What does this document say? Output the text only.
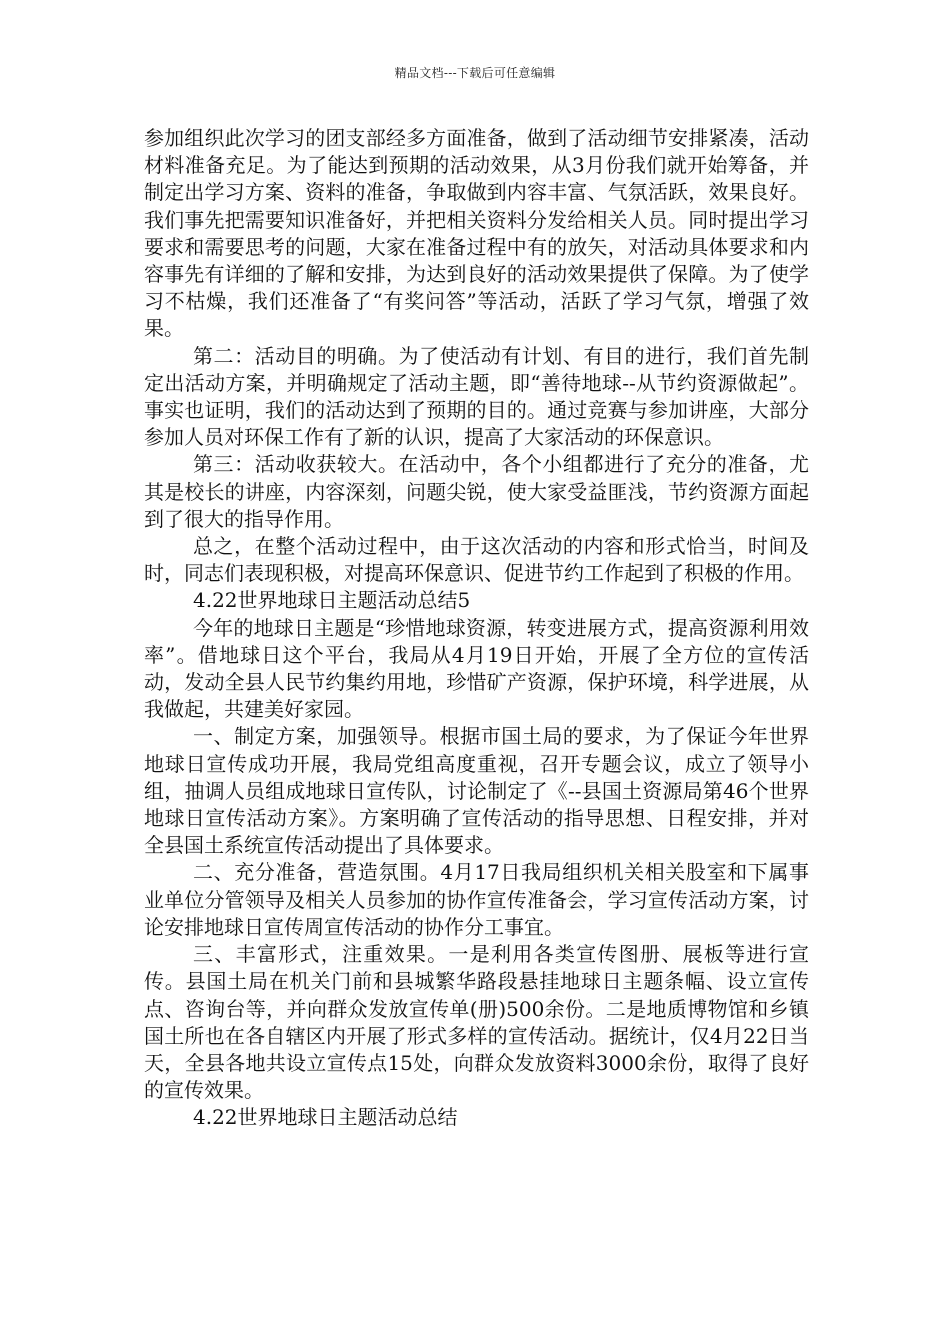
精品文档---下载后可任意编辑

参加组织此次学习的团支部经多方面准备，做到了活动细节安排紧凑，活动材料准备充足。为了能达到预期的活动效果，从3月份我们就开始筹备，并制定出学习方案、资料的准备，争取做到内容丰富、气氛活跃，效果良好。我们事先把需要知识准备好，并把相关资料分发给相关人员。同时提出学习要求和需要思考的问题，大家在准备过程中有的放矢，对活动具体要求和内容事先有详细的了解和安排，为达到良好的活动效果提供了保障。为了使学习不枯燥，我们还准备了“有奖问答”等活动，活跃了学习气氛，增强了效果。

第二：活动目的明确。为了使活动有计划、有目的进行，我们首先制定出活动方案，并明确规定了活动主题，即“善待地球--从节约资源做起”。事实也证明，我们的活动达到了预期的目的。通过竞赛与参加讲座，大部分参加人员对环保工作有了新的认识，提高了大家活动的环保意识。

第三：活动收获较大。在活动中，各个小组都进行了充分的准备，尤其是校长的讲座，内容深刻，问题尖锐，使大家受益匪浅，节约资源方面起到了很大的指导作用。

总之，在整个活动过程中，由于这次活动的内容和形式恰当，时间及时，同志们表现积极，对提高环保意识、促进节约工作起到了积极的作用。

4.22世界地球日主题活动总结5

今年的地球日主题是“珍惜地球资源，转变进展方式，提高资源利用效率”。借地球日这个平台，我局从4月19日开始，开展了全方位的宣传活动，发动全县人民节约集约用地，珍惜矿产资源，保护环境，科学进展，从我做起，共建美好家园。

一、制定方案，加强领导。根据市国土局的要求，为了保证今年世界地球日宣传成功开展，我局党组高度重视，召开专题会议，成立了领导小组，抽调人员组成地球日宣传队，讨论制定了《--县国土资源局第46个世界地球日宣传活动方案》。方案明确了宣传活动的指导思想、日程安排，并对全县国土系统宣传活动提出了具体要求。

二、充分准备，营造氛围。4月17日我局组织机关相关股室和下属事业单位分管领导及相关人员参加的协作宣传准备会，学习宣传活动方案，讨论安排地球日宣传周宣传活动的协作分工事宜。

三、丰富形式，注重效果。一是利用各类宣传图册、展板等进行宣传。县国土局在机关门前和县城繁华路段悬挂地球日主题条幅、设立宣传点、咨询台等，并向群众发放宣传单(册)500余份。二是地质博物馆和乡镇国土所也在各自辖区内开展了形式多样的宣传活动。据统计，仅4月22日当天，全县各地共设立宣传点15处，向群众发放资料3000余份，取得了良好的宣传效果。

4.22世界地球日主题活动总结
